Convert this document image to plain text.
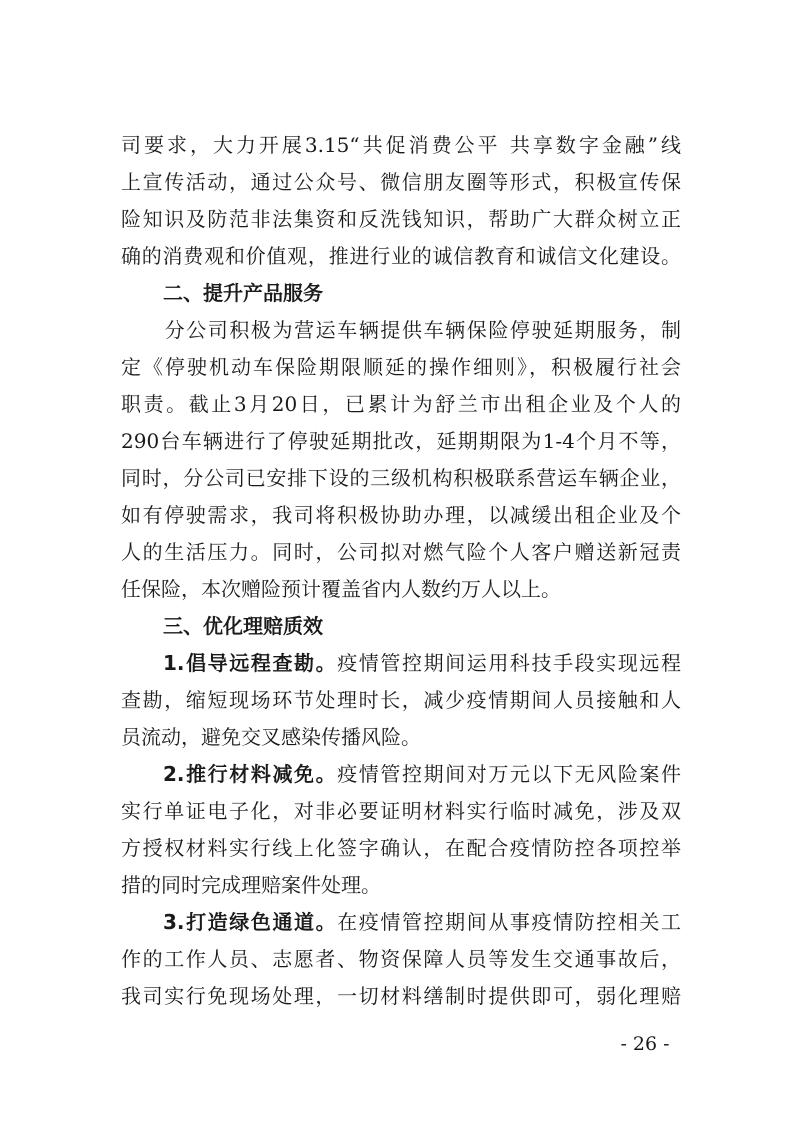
司要求，大力开展3.15“共促消费公平 共享数字金融”线
上宣传活动，通过公众号、微信朋友圈等形式，积极宣传保
险知识及防范非法集资和反洗钱知识，帮助广大群众树立正
确的消费观和价值观，推进行业的诚信教育和诚信文化建设。
二、提升产品服务
分公司积极为营运车辆提供车辆保险停驶延期服务，制
定《停驶机动车保险期限顺延的操作细则》，积极履行社会
职责。截止3月20日，已累计为舒兰市出租企业及个人的
290台车辆进行了停驶延期批改，延期期限为1-4个月不等，
同时，分公司已安排下设的三级机构积极联系营运车辆企业，
如有停驶需求，我司将积极协助办理，以减缓出租企业及个
人的生活压力。同时，公司拟对燃气险个人客户赠送新冠责
任保险，本次赠险预计覆盖省内人数约万人以上。
三、优化理赔质效
1.倡导远程查勘。疫情管控期间运用科技手段实现远程
查勘，缩短现场环节处理时长，减少疫情期间人员接触和人
员流动，避免交叉感染传播风险。
2.推行材料减免。疫情管控期间对万元以下无风险案件
实行单证电子化，对非必要证明材料实行临时减免，涉及双
方授权材料实行线上化签字确认，在配合疫情防控各项控举
措的同时完成理赔案件处理。
3.打造绿色通道。在疫情管控期间从事疫情防控相关工
作的工作人员、志愿者、物资保障人员等发生交通事故后，
我司实行免现场处理，一切材料缮制时提供即可，弱化理赔
- 26 -
